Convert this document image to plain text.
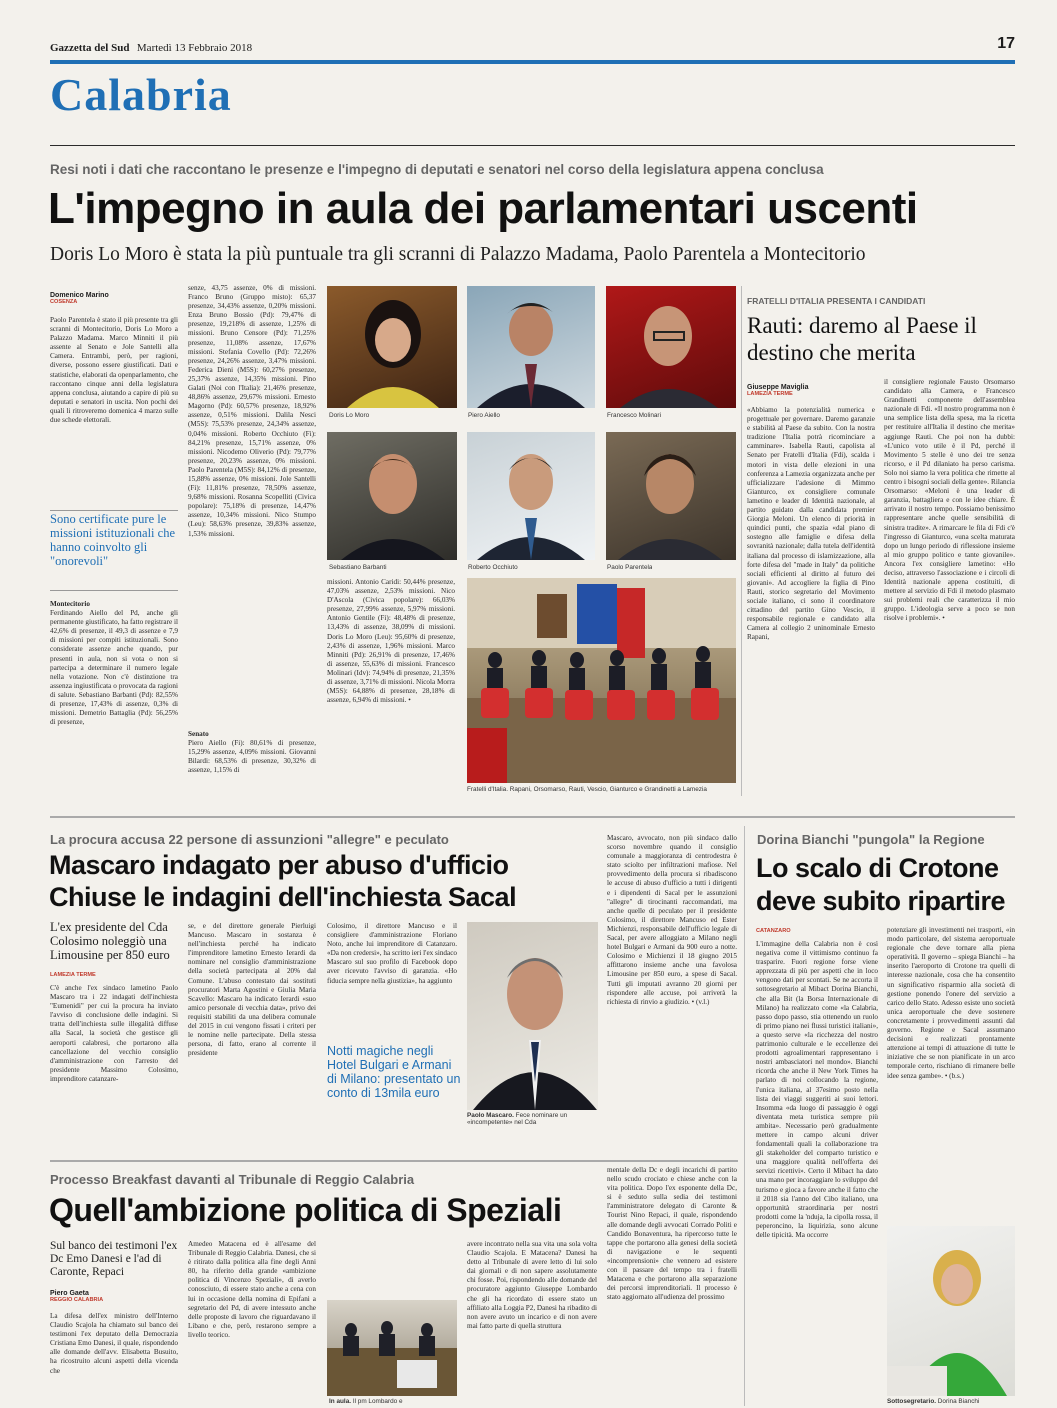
Gazzetta del Sud Martedì 13 Febbraio 2018	17
Calabria
Resi noti i dati che raccontano le presenze e l'impegno di deputati e senatori nel corso della legislatura appena conclusa
L'impegno in aula dei parlamentari uscenti
Doris Lo Moro è stata la più puntuale tra gli scranni di Palazzo Madama, Paolo Parentela a Montecitorio
Domenico Marino
COSENZA

Paolo Parentela è stato il più presente tra gli scranni di Montecitorio, Doris Lo Moro a Palazzo Madama. Marco Minniti il più assente al Senato e Jole Santelli alla Camera. Entrambi, però, per ragioni, diverse, possono essere giustificati. Dati e statistiche, elaborati da openparlamento, che raccontano cinque anni della legislatura appena conclusa, aiutando a capire di più su deputati e senatori in uscita. Non pochi dei quali li ritroveremo domenica 4 marzo sulle due schede elettorali.

Sono certificate pure le missioni istituzionali che hanno coinvolto gli "onorevoli"

Montecitorio

Ferdinando Aiello del Pd, anche gli permanente giustificato, ha fatto registrare il 42,6% di presenze, il 49,3 di assenze e 7,9 di missioni per compiti istituzionali. Sono considerate assenze anche quando, pur presenti in aula, non si vota o non si partecipa a determinare il numero legale nella votazione. Non c'è distinzione tra assenza ingiustificata o provocata da ragioni di salute. Sebastiano Barbanti (Pd): 82,55% di presenze, 17,43% di assenze, 0,3% di missioni. Demetrio Battaglia (Pd): 56,25% di presenze,

senze, 43,75 assenze, 0% di missioni. Franco Bruno (Gruppo misto): 65,37 presenze, 34,43% assenze, 0,20% missioni. Enza Bruno Bossio (Pd): 79,47% di presenze, 19,218% di assenze, 1,25% di missioni. Bruno Censore (Pd): 71,25% presenze, 11,08% assenze, 17,67% missioni. Stefania Covello (Pd): 72,26% presenze, 24,26% assenze, 3,47% missioni. Federica Dieni (M5S): 60,27% presenze, 25,37% assenze, 14,35% missioni. Pino Galati (Noi con l'Italia): 21,46% presenze, 48,86% assenze, 29,67% missioni. Ernesto Magorno (Pd): 60,57% presenze, 18,92% assenze, 0,51% missioni. Dalila Nesci (M5S): 75,53% presenze, 24,34% assenze, 0,04% missioni. Roberto Occhiuto (Fi): 84,21% presenze, 15,71% assenze, 0% missioni. Nicodemo Oliverio (Pd): 79,77% presenze, 20,23% assenze, 0% missioni. Paolo Parentela (M5S): 84,12% di presenze, 15,88% assenze, 0% missioni. Jole Santelli (Fi): 11,81% presenze, 78,50% assenze, 9,68% missioni. Rosanna Scopelliti (Civica popolare): 75,18% di presenze, 14,47% assenze, 10,34% missioni. Nico Stumpo (Leu): 58,63% presenze, 39,83% assenze, 1,53% missioni.

Senato

Piero Aiello (Fi): 80,61% di presenze, 15,29% assenze, 4,09% missioni. Giovanni Bilardi: 68,53% di presenze, 30,32% di assenze, 1,15% di

missioni. Antonio Caridi: 50,44% presenze, 47,03% assenze, 2,53% missioni. Nico D'Ascola (Civica popolare): 66,03% presenze, 27,99% assenze, 5,97% missioni. Antonio Gentile (Fi): 48,48% di presenze, 13,43% di assenze, 38,09% di missioni. Doris Lo Moro (Leu): 95,60% di presenze, 2,43% di assenze, 1,96% missioni. Marco Minniti (Pd): 26,91% di presenze, 17,46% di assenze, 55,63% di missioni. Francesco Molinari (Idv): 74,94% di presenze, 21,35% di assenze, 3,71% di missioni. Nicola Morra (M5S): 64,88% di presenze, 28,18% di assenze, 6,94% di missioni. •

Doris Lo Moro	Piero Aiello	Francesco Molinari
Sebastiano Barbanti	Roberto Occhiuto	Paolo Parentela
Fratelli d'Italia. Rapani, Orsomarso, Rauti, Vescio, Gianturco e Grandinetti a Lamezia
FRATELLI D'ITALIA PRESENTA I CANDIDATI
Rauti: daremo al Paese il destino che merita
Giuseppe Maviglia
LAMEZIA TERME

«Abbiamo la potenzialità numerica e progettuale per governare. Daremo garanzie e stabilità al Paese da subito. Con la nostra tradizione l'Italia potrà ricominciare a camminare». Isabella Rauti, capolista al Senato per Fratelli d'Italia (Fdi), scalda i motori in vista delle elezioni in una conferenza a Lamezia organizzata anche per ufficializzare l'adesione di Mimmo Gianturco, ex consigliere comunale lametino e leader di Identità nazionale, al partito guidato dalla candidata premier Giorgia Meloni. Un elenco di priorità in quindici punti, che spazia «dal piano di sostegno alle famiglie e difesa della sovranità nazionale; dalla tutela dell'identità italiana dal processo di islamizzazione, alla forte difesa del "made in Italy" da politiche sociali efficienti al diritto al futuro dei giovani». Ad accogliere la figlia di Pino Rauti, storico segretario del Movimento sociale italiano, ci sono il coordinatore cittadino del partito Gino Vescio, il responsabile regionale e candidato alla Camera al collegio 2 uninominale Ernesto Rapani,

il consigliere regionale Fausto Orsomarso candidato alla Camera, e Francesco Grandinetti componente dell'assemblea nazionale di Fdi. «Il nostro programma non è una semplice lista della spesa, ma la ricetta per restituire all'Italia il destino che merita» aggiunge Rauti. Che poi non ha dubbi: «L'unico voto utile è il Pd, perché il Movimento 5 stelle è uno dei tre senza ricorso, e il Pd dilaniato ha perso carisma. Solo noi siamo la vera politica che rimette al centro i bisogni sociali della gente». Rilancia Orsomarso: «Meloni è una leader di garanzia, battagliera e con le idee chiare. È arrivato il nostro tempo. Possiamo benissimo rappresentare anche quelle sensibilità di sinistra tradite». A rimarcare le fila di Fdi c'è l'ingresso di Gianturco, «una scelta maturata dopo un lungo periodo di riflessione insieme al mio gruppo politico e tante giovanile». Ancora l'ex consigliere lametino: «Ho deciso, attraverso l'associazione e i circoli di Identità nazionale appena costituiti, di mettere al servizio di Fdi il metodo plasmato sui problemi reali che caratterizza il mio gruppo. L'ideologia serve a poco se non risolve i problemi». •

La procura accusa 22 persone di assunzioni "allegre" e peculato
Mascaro indagato per abuso d'ufficio
Chiuse le indagini dell'inchiesta Sacal
L'ex presidente del Cda Colosimo noleggiò una Limousine per 850 euro
LAMEZIA TERME

C'è anche l'ex sindaco lametino Paolo Mascaro tra i 22 indagati dell'inchiesta "Eumenidi" per cui la procura ha inviato l'avviso di conclusione delle indagini. Si tratta dell'inchiesta sulle illegalità diffuse alla Sacal, la società che gestisce gli aeroporti calabresi, che portarono alla cancellazione del vecchio consiglio d'amministrazione con l'arresto del presidente Massimo Colosimo, imprenditore catanzare-

se, e del direttore generale Pierluigi Mancuso. Mascaro in sostanza è nell'inchiesta perché ha indicato l'imprenditore lametino Ernesto Ierardi da nominare nel consiglio d'amministrazione della società partecipata al 20% dal Comune. L'abuso contestato dai sostituti procuratori Marta Agostini e Giulia Maria Scavello: Mascaro ha indicato Ierardi «suo amico personale di vecchia data», privo dei requisiti stabiliti da una delibera comunale del 2015 in cui vengono fissati i criteri per le nomine nelle partecipate. Della stessa persona, di fatto, erano al corrente il presidente

Colosimo, il direttore Mancuso e il consigliere d'amministrazione Floriano Noto, anche lui imprenditore di Catanzaro. «Da non credersi», ha scritto ieri l'ex sindaco Mascaro sul suo profilo di Facebook dopo aver ricevuto l'avviso di garanzia. «Ho fiducia sempre nella giustizia», ha aggiunto

Notti magiche negli Hotel Bulgari e Armani di Milano: presentato un conto di 13mila euro
Paolo Mascaro. Fece nominare un «incompetente» nel Cda

Mascaro, avvocato, non più sindaco dallo scorso novembre quando il consiglio comunale a maggioranza di centrodestra è stato sciolto per infiltrazioni mafiose. Nel provvedimento della procura si ribadiscono le accuse di abuso d'ufficio a tutti i dirigenti e i dipendenti di Sacal per le assunzioni "allegre" di tirocinanti raccomandati, ma anche quelle di peculato per il presidente Colosimo, il direttore Mancuso ed Ester Michienzi, responsabile dell'ufficio legale di Sacal, per avere alloggiato a Milano negli hotel Bulgari e Armani da 900 euro a notte. Colosimo e Michienzi il 18 giugno 2015 affittarono insieme anche una favolosa Limousine per 850 euro, a spese di Sacal. Tutti gli imputati avranno 20 giorni per rispondere alle accuse, poi arriverà la richiesta di rinvio a giudizio. • (v.l.)

Dorina Bianchi "pungola" la Regione
Lo scalo di Crotone deve subito ripartire
CATANZARO

L'immagine della Calabria non è così negativa come il vittimismo continuo fa trasparire. Fuori regione forse viene apprezzata di più per aspetti che in loco vengono dati per scontati. Se ne accorta il sottosegretario al Mibact Dorina Bianchi, che alla Bit (la Borsa Internazionale di Milano) ha realizzato come «la Calabria, passo dopo passo, stia ottenendo un ruolo di primo piano nei flussi turistici italiani», a questo serve «la ricchezza del nostro patrimonio culturale e le eccellenze dei prodotti agroalimentari rappresentano i nostri ambasciatori nel mondo». Bianchi ricorda che anche il New York Times ha parlato di noi collocando la regione, l'unica italiana, al 37esimo posto nella lista dei viaggi suggeriti ai suoi lettori. Insomma «da luogo di passaggio è oggi diventata meta turistica sempre più ambita». Necessario però gradualmente mettere in campo alcuni driver fondamentali quali la collaborazione tra gli stakeholder del comparto turistico e una maggiore qualità nell'offerta dei servizi ricettivi». Certo il Mibact ha dato una mano per incoraggiare lo sviluppo del turismo e gioca a favore anche il fatto che il 2018 sia l'anno del Cibo italiano, una opportunità straordinaria per nostri prodotti come la 'nduja, la cipolla rossa, il peperoncino, la liquirizia, sono alcune delle tipicità. Ma occorre

potenziare gli investimenti nei trasporti, «in modo particolare, del sistema aeroportuale regionale che deve tornare alla piena operatività. Il governo – spiega Bianchi – ha inserito l'aeroporto di Crotone tra quelli di interesse nazionale, cosa che ha consentito un significativo risparmio alla società di gestione ponendo l'onere del servizio a carico dello Stato. Adesso esiste uno società unica aeroportuale che deve sostenere concretamente i provvedimenti assunti dal governo. Regione e Sacal assumano decisioni e realizzati prontamente attenzione ai tempi di attuazione di tutte le iniziative che se non pianificate in un arco temporale certo, rischiano di rimanere belle idee senza gambe». • (b.s.)

Sottosegretario. Dorina Bianchi
Processo Breakfast davanti al Tribunale di Reggio Calabria
Quell'ambizione politica di Speziali
Sul banco dei testimoni l'ex Dc Emo Danesi e l'ad di Caronte, Repaci
Piero Gaeta
REGGIO CALABRIA

La difesa dell'ex ministro dell'Interno Claudio Scajola ha chiamato sul banco dei testimoni l'ex deputato della Democrazia Cristiana Emo Danesi, il quale, rispondendo alle domande dell'avv. Elisabetta Busuito, ha ricostruito alcuni aspetti della vicenda che

Amedeo Matacena ed è all'esame del Tribunale di Reggio Calabria. Danesi, che si è ritirato dalla politica alla fine degli Anni 80, ha riferito della grande «ambizione politica di Vincenzo Speziali», di averlo conosciuto, di essere stato anche a cena con lui in occasione della nomina di Epifani a segretario del Pd, di avere intessuto anche delle proposte di lavoro che riguardavano il Libano e che, però, restarono sempre a livello teorico.

In aula. Il pm Lombardo e

avere incontrato nella sua vita una sola volta Claudio Scajola. E Matacena? Danesi ha detto al Tribunale di avere letto di lui solo dai giornali e di non sapere assolutamente chi fosse. Poi, rispondendo alle domande del procuratore aggiunto Giuseppe Lombardo che gli ha ricordato di essere stato un affiliato alla Loggia P2, Danesi ha ribadito di non avere avuto un incarico e di non avere mai fatto parte di quella struttura

mentale della Dc e degli incarichi di partito nello scudo crociato e chiese anche con la vita politica. Dopo l'ex esponente della Dc, si è seduto sulla sedia dei testimoni l'amministratore delegato di Caronte & Tourist Nino Repaci, il quale, rispondendo alle domande degli avvocati Corrado Politi e Candido Bonaventura, ha ripercorso tutte le tappe che portarono alla genesi della società di navigazione e le sequenti «incomprensioni» che vennero ad esistere con il passare del tempo tra i fratelli Matacena e che portarono alla separazione dei percorsi imprenditoriali. Il processo è stato aggiornato all'udienza del prossimo
